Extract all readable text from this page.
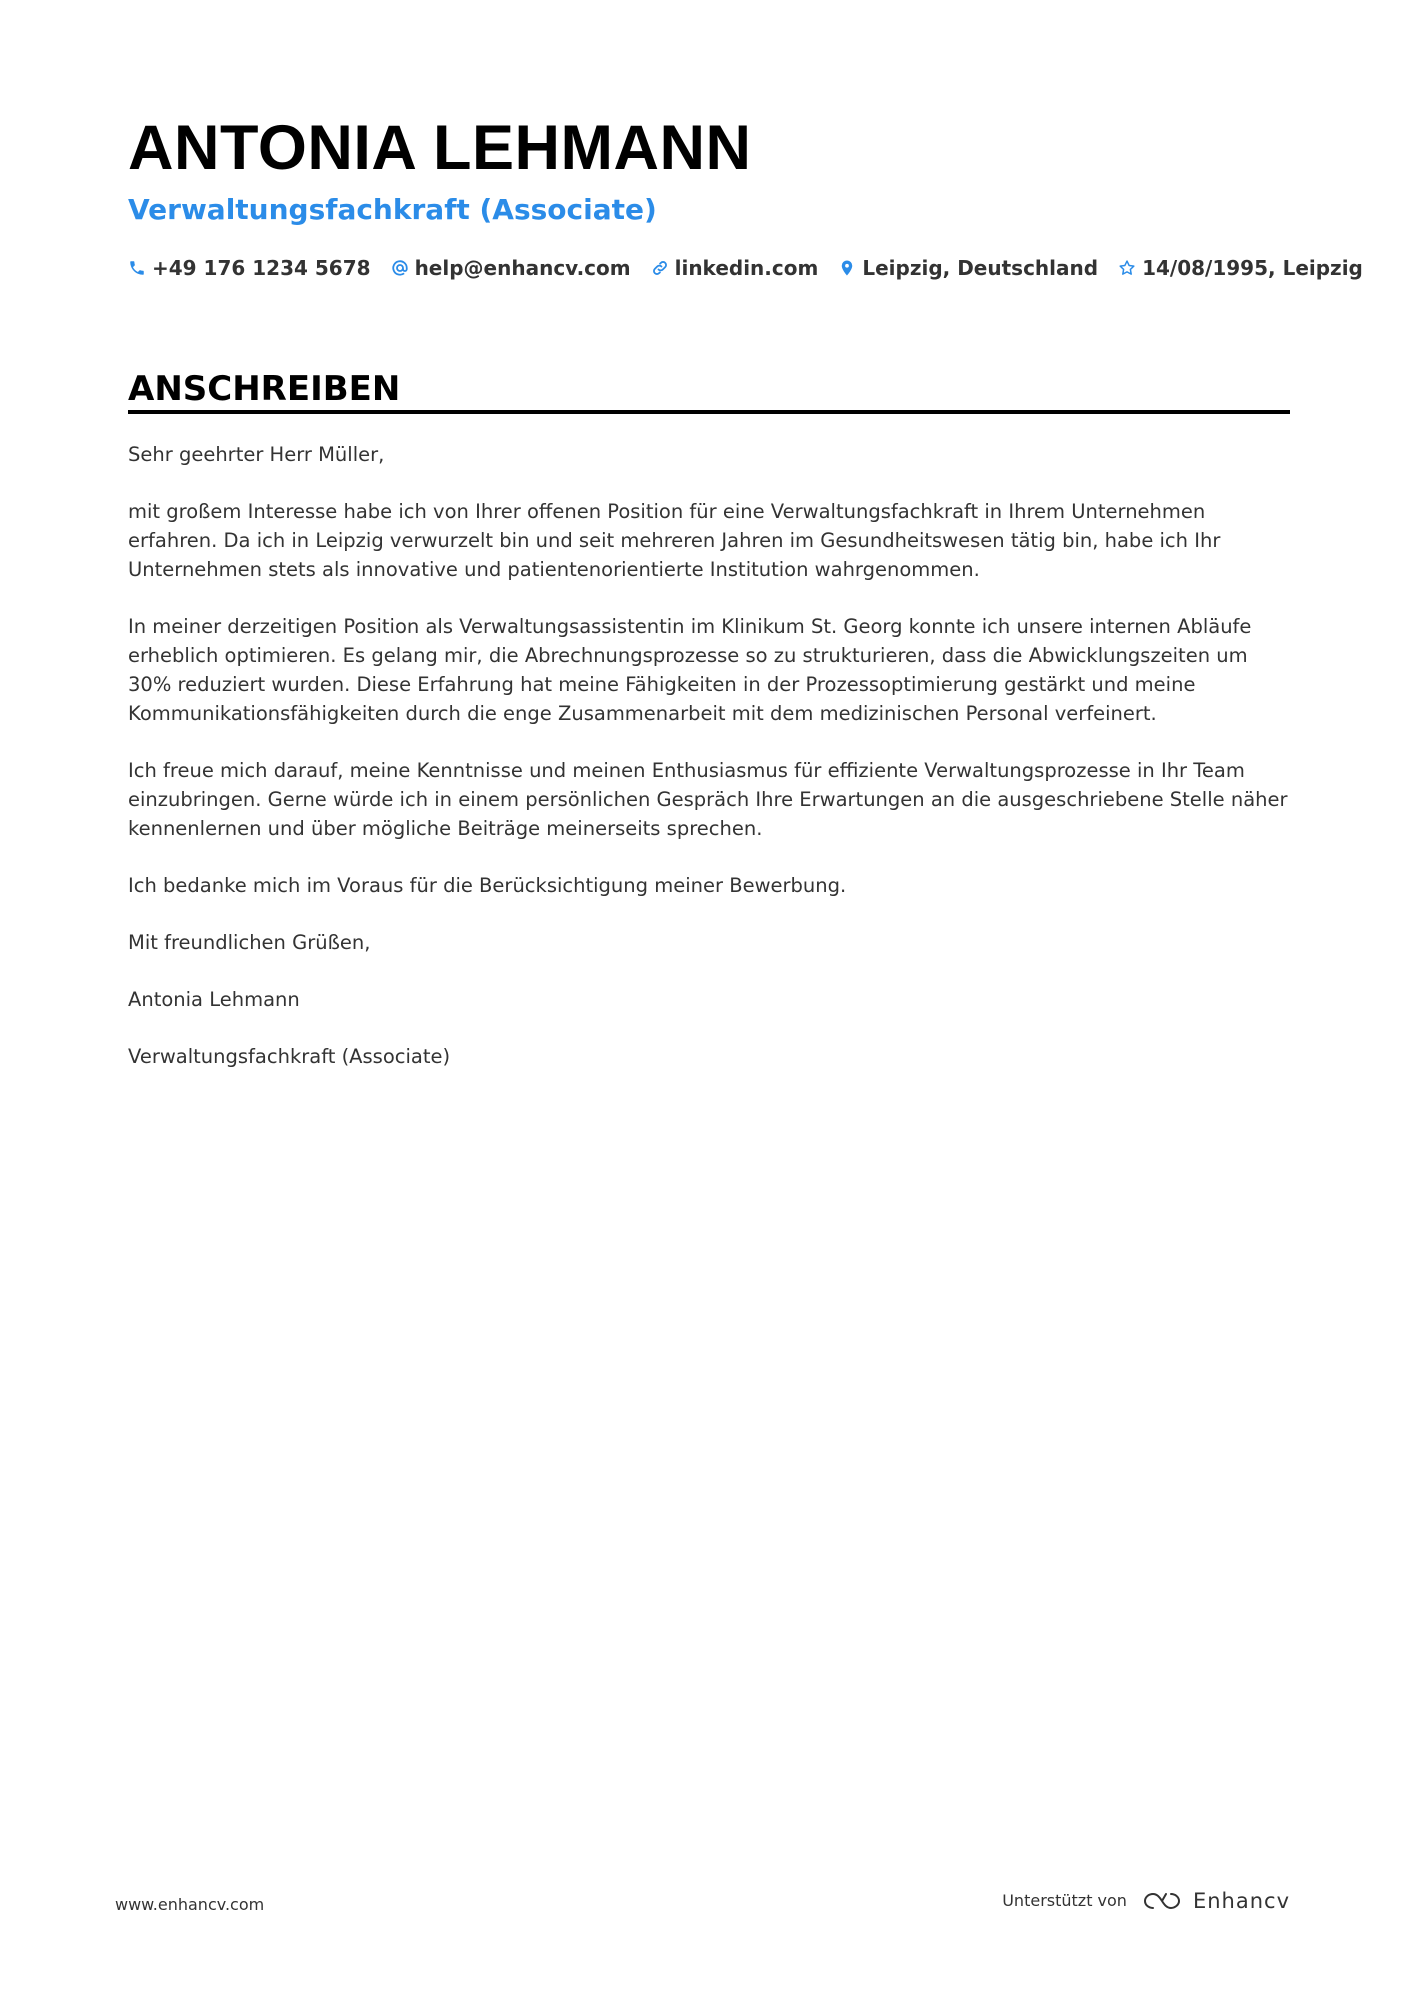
ANTONIA LEHMANN
Verwaltungsfachkraft (Associate)
+49 176 1234 5678 help@enhancv.com linkedin.com Leipzig, Deutschland 14/08/1995, Leipzig
ANSCHREIBEN

Sehr geehrter Herr Müller,

mit großem Interesse habe ich von Ihrer offenen Position für eine Verwaltungsfachkraft in Ihrem Unternehmen erfahren. Da ich in Leipzig verwurzelt bin und seit mehreren Jahren im Gesundheitswesen tätig bin, habe ich Ihr Unternehmen stets als innovative und patientenorientierte Institution wahrgenommen.

In meiner derzeitigen Position als Verwaltungsassistentin im Klinikum St. Georg konnte ich unsere internen Abläufe erheblich optimieren. Es gelang mir, die Abrechnungsprozesse so zu strukturieren, dass die Abwicklungszeiten um 30% reduziert wurden. Diese Erfahrung hat meine Fähigkeiten in der Prozessoptimierung gestärkt und meine Kommunikationsfähigkeiten durch die enge Zusammenarbeit mit dem medizinischen Personal verfeinert.

Ich freue mich darauf, meine Kenntnisse und meinen Enthusiasmus für effiziente Verwaltungsprozesse in Ihr Team einzubringen. Gerne würde ich in einem persönlichen Gespräch Ihre Erwartungen an die ausgeschriebene Stelle näher kennenlernen und über mögliche Beiträge meinerseits sprechen.

Ich bedanke mich im Voraus für die Berücksichtigung meiner Bewerbung.

Mit freundlichen Grüßen,

Antonia Lehmann

Verwaltungsfachkraft (Associate)

www.enhancv.com	Unterstützt von	Enhancv
